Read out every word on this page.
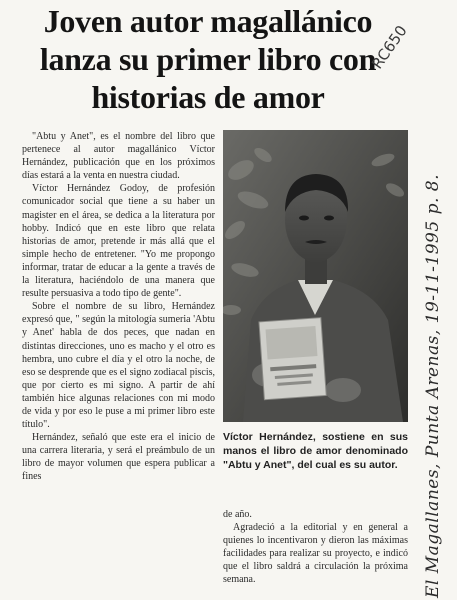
Joven autor magallánico
lanza su primer libro con
historias de amor
RC650

"Abtu y Anet", es el nombre del libro que pertenece al autor magallánico Víctor Hernández, publicación que en los próximos días estará a la venta en nuestra ciudad.

Víctor Hernández Godoy, de profesión comunicador social que tiene a su haber un magister en el área, se dedica a la literatura por hobby. Indicó que en este libro que relata historias de amor, pretende ir más allá que el simple hecho de entretener. "Yo me propongo informar, tratar de educar a la gente a través de la literatura, haciéndolo de una manera que resulte persuasiva a todo tipo de gente".

Sobre el nombre de su libro, Hernández expresó que, " según la mitología sumeria 'Abtu y Anet' habla de dos peces, que nadan en distintas direcciones, uno es macho y el otro es hembra, uno cubre el día y el otro la noche, de eso se desprende que es el signo zodiacal piscis, que por cierto es mi signo. A partir de ahí también hice algunas relaciones con mi modo de vida y por eso le puse a mi primer libro este título".

Hernández, señaló que este era el inicio de una carrera literaria, y será el preámbulo de un libro de mayor volumen que espera publicar a fines

Víctor Hernández, sostiene en sus manos el libro de amor denominado "Abtu y Anet", del cual es su autor.

de año.

Agradeció a la editorial y en general a quienes lo incentivaron y dieron las máximas facilidades para realizar su proyecto, e indicó que el libro saldrá a circulación la próxima semana.	El Magallanes, Punta Arenas, 19-11-1995 p. 8.
